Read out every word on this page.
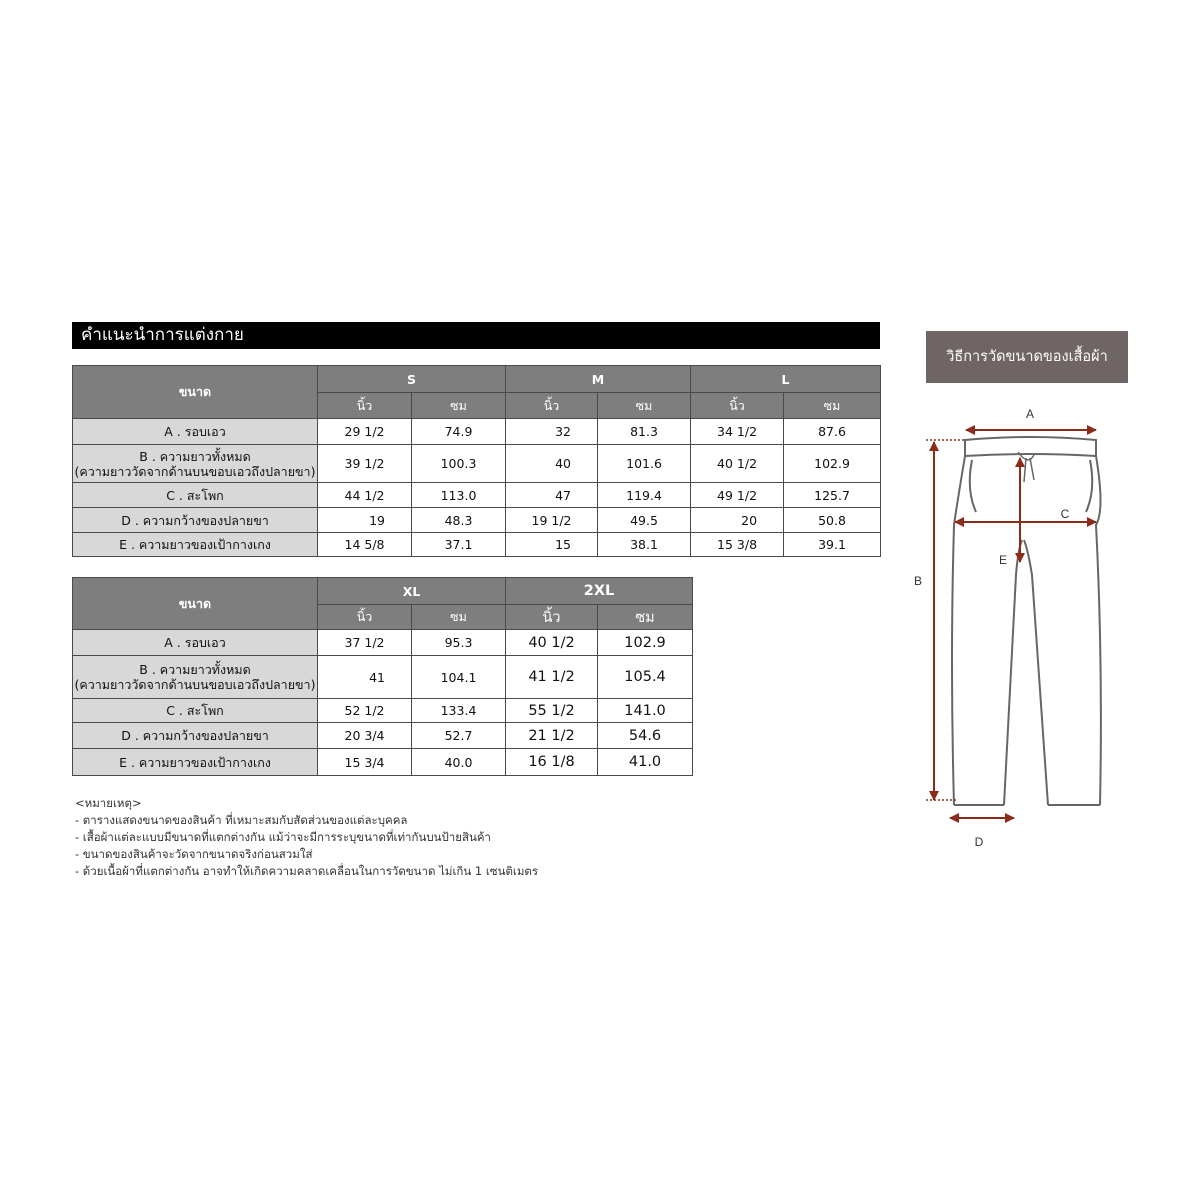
คำแนะนำการแต่งกาย
ขนาด	S		M		L	
	นิ้ว	ซม	นิ้ว	ซม	นิ้ว	ซม
A . รอบเอว	29 1/2	74.9	32	81.3	34 1/2	87.6

B . ความยาวทั้งหมด
(ความยาววัดจากด้านบนขอบเอวถึงปลายขา)	39 1/2	100.3	40	101.6	40 1/2	102.9
C . สะโพก	44 1/2	113.0	47	119.4	49 1/2	125.7
D . ความกว้างของปลายขา	19	48.3	19 1/2	49.5	20	50.8
E . ความยาวของเป้ากางเกง	14 5/8	37.1	15	38.1	15 3/8	39.1
ขนาด	XL		2XL	
	นิ้ว	ซม	นิ้ว	ซม
A . รอบเอว	37 1/2	95.3	40 1/2	102.9

B . ความยาวทั้งหมด
(ความยาววัดจากด้านบนขอบเอวถึงปลายขา)	41	104.1	41 1/2	105.4
C . สะโพก	52 1/2	133.4	55 1/2	141.0
D . ความกว้างของปลายขา	20 3/4	52.7	21 1/2	54.6
E . ความยาวของเป้ากางเกง	15 3/4	40.0	16 1/8	41.0
<หมายเหตุ>
- ตารางแสดงขนาดของสินค้า ที่เหมาะสมกับสัดส่วนของแต่ละบุคคล
- เสื้อผ้าแต่ละแบบมีขนาดที่แตกต่างกัน แม้ว่าจะมีการระบุขนาดที่เท่ากันบนป้ายสินค้า
- ขนาดของสินค้าจะวัดจากขนาดจริงก่อนสวมใส่
- ด้วยเนื้อผ้าที่แตกต่างกัน อาจทำให้เกิดความคลาดเคลื่อนในการวัดขนาด ไม่เกิน 1 เซนติเมตร
วิธีการวัดขนาดของเสื้อผ้า
A
B
C
D
E
